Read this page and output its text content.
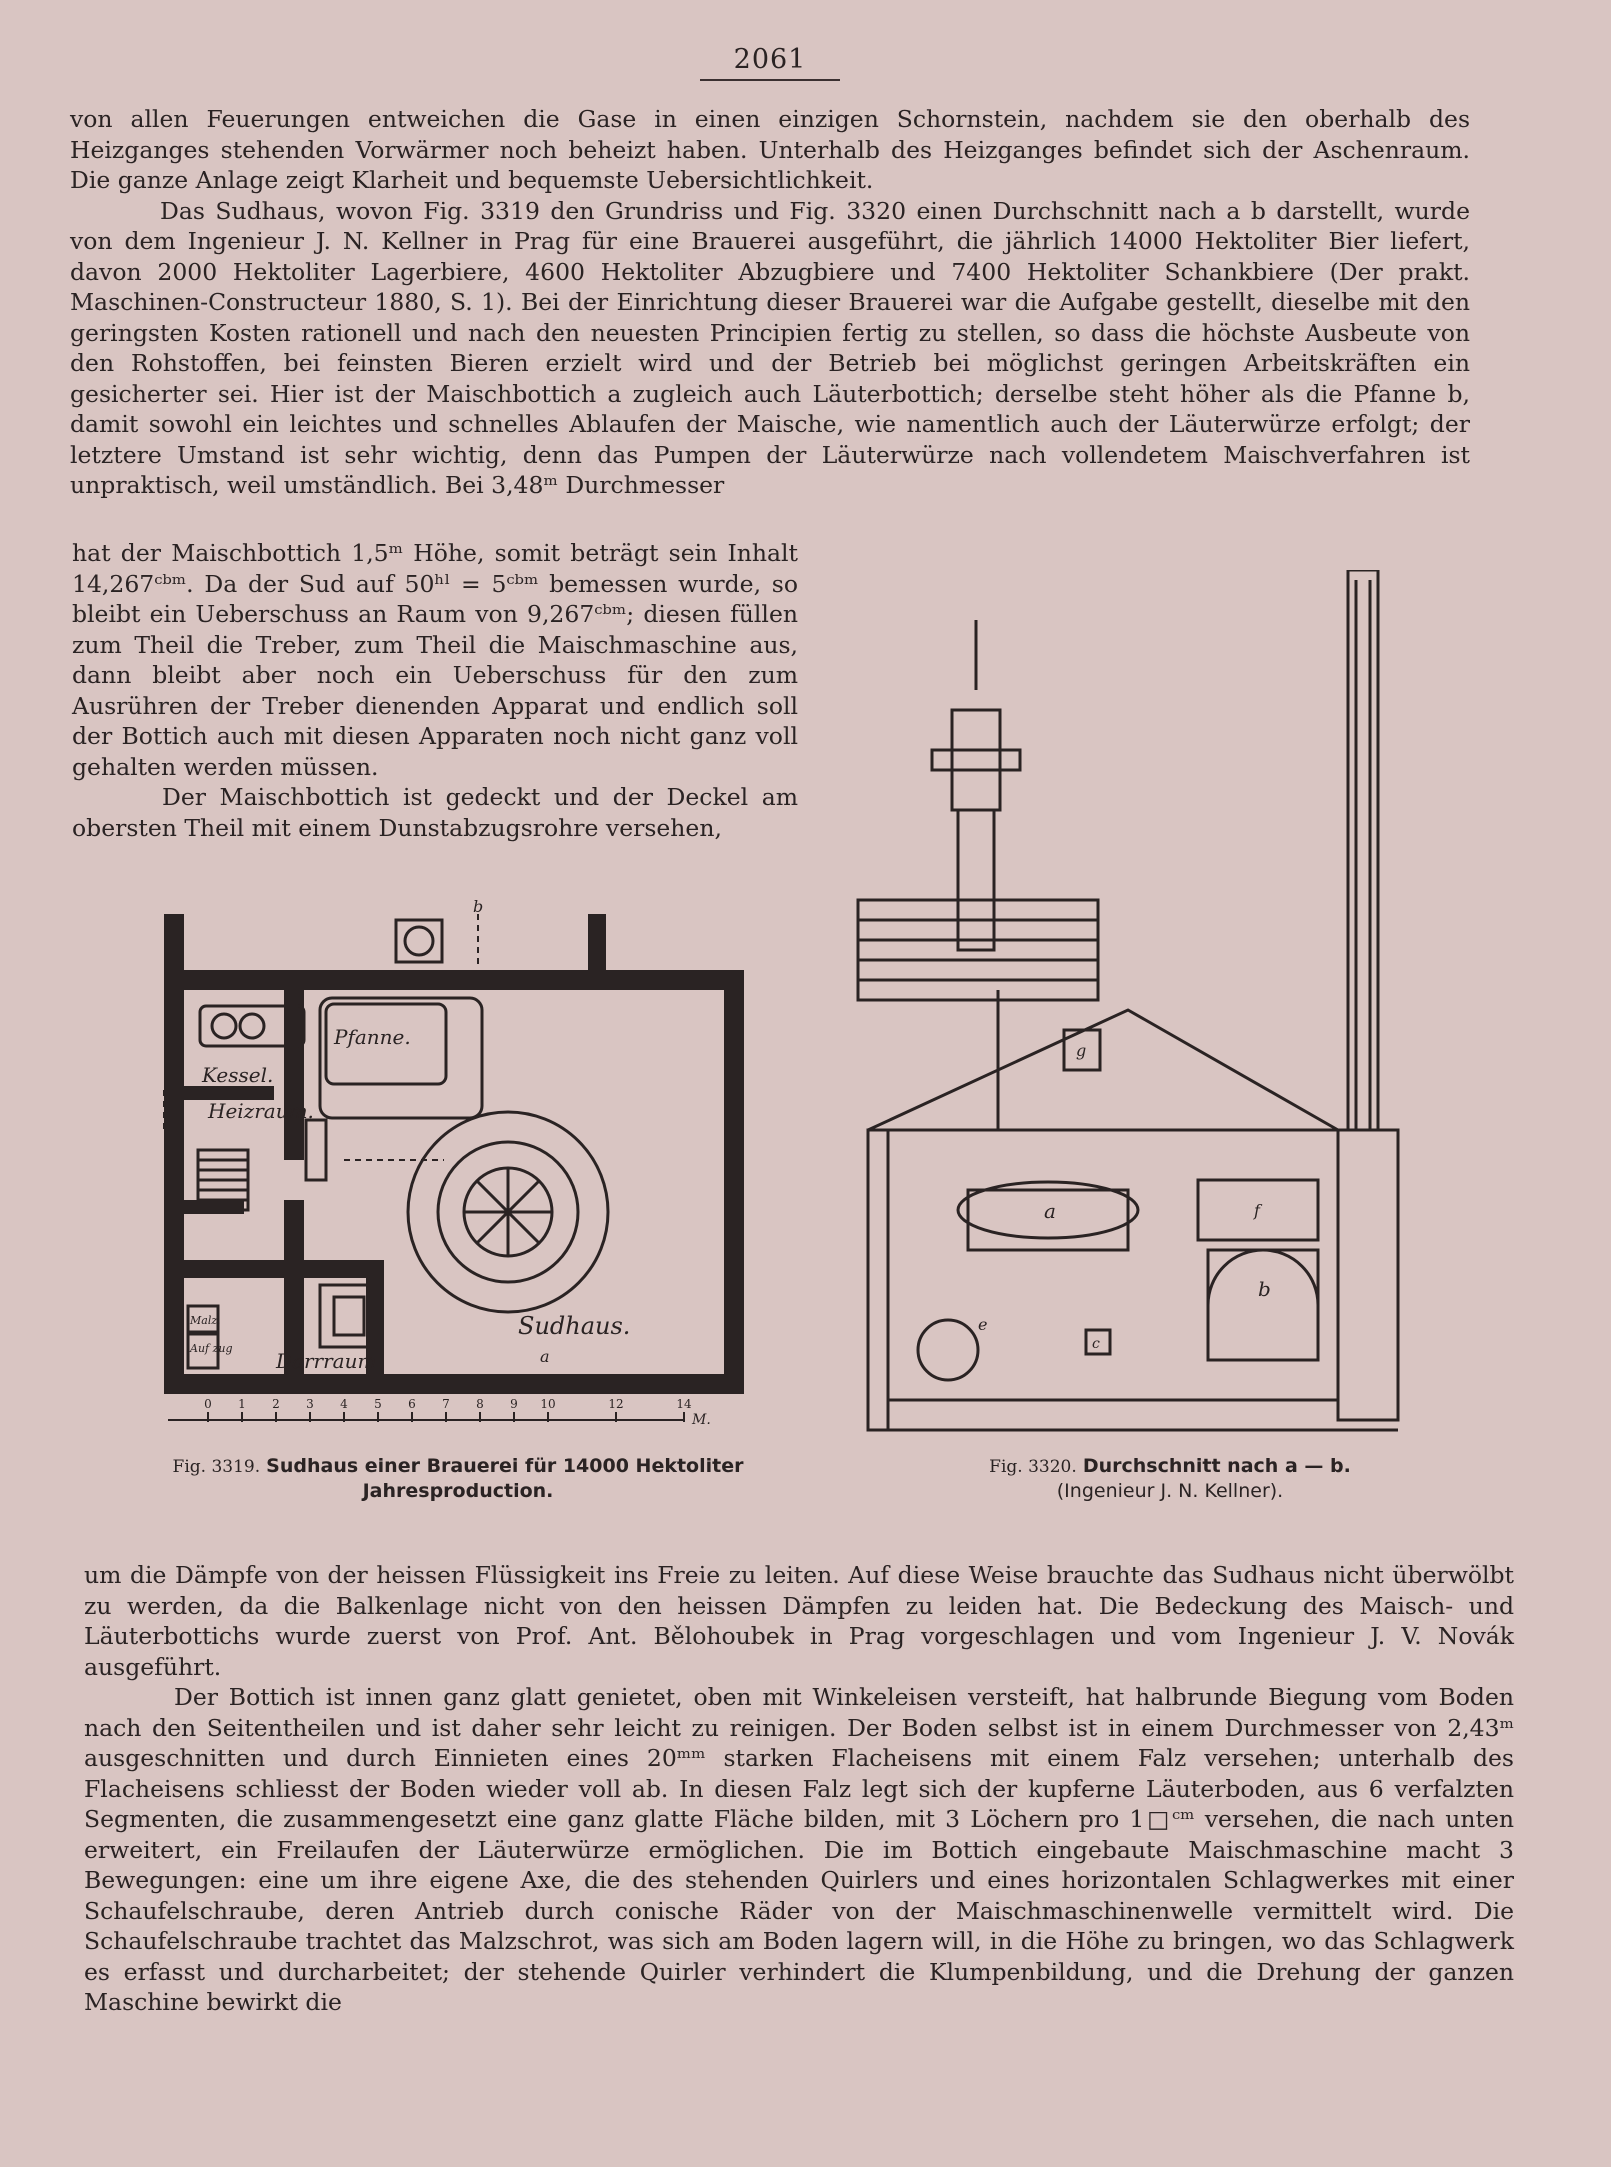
2061

von allen Feuerungen entweichen die Gase in einen einzigen Schornstein, nachdem sie den oberhalb des Heizganges stehenden Vorwärmer noch beheizt haben. Unterhalb des Heizganges befindet sich der Aschenraum. Die ganze Anlage zeigt Klarheit und bequemste Uebersichtlichkeit.

Das Sudhaus, wovon Fig. 3319 den Grundriss und Fig. 3320 einen Durchschnitt nach a b darstellt, wurde von dem Ingenieur J. N. Kellner in Prag für eine Brauerei ausgeführt, die jährlich 14000 Hektoliter Bier liefert, davon 2000 Hektoliter Lagerbiere, 4600 Hektoliter Abzugbiere und 7400 Hektoliter Schankbiere (Der prakt. Maschinen-Constructeur 1880, S. 1). Bei der Einrichtung dieser Brauerei war die Aufgabe gestellt, dieselbe mit den geringsten Kosten rationell und nach den neuesten Principien fertig zu stellen, so dass die höchste Ausbeute von den Rohstoffen, bei feinsten Bieren erzielt wird und der Betrieb bei möglichst geringen Arbeitskräften ein gesicherter sei. Hier ist der Maischbottich a zugleich auch Läuterbottich; derselbe steht höher als die Pfanne b, damit sowohl ein leichtes und schnelles Ablaufen der Maische, wie namentlich auch der Läuterwürze erfolgt; der letztere Umstand ist sehr wichtig, denn das Pumpen der Läuterwürze nach vollendetem Maischverfahren ist unpraktisch, weil umständlich. Bei 3,48ᵐ Durchmesser

hat der Maischbottich 1,5ᵐ Höhe, somit beträgt sein Inhalt 14,267ᶜᵇᵐ. Da der Sud auf 50ʰˡ = 5ᶜᵇᵐ bemessen wurde, so bleibt ein Ueberschuss an Raum von 9,267ᶜᵇᵐ; diesen füllen zum Theil die Treber, zum Theil die Maischmaschine aus, dann bleibt aber noch ein Ueberschuss für den zum Ausrühren der Treber dienenden Apparat und endlich soll der Bottich auch mit diesen Apparaten noch nicht ganz voll gehalten werden müssen.

Der Maischbottich ist gedeckt und der Deckel am obersten Theil mit einem Dunstabzugsrohre versehen,

Kessel.
Heizraum.
Pfanne.
Sudhaus.
a
b
Darrraum
Malz.
Auf zug
0 1 2 3 4 5 6 7 8 9 10	12	14
M.
a
b
c
e
f
g
Fig. 3319. Sudhaus einer Brauerei für 14000 Hektoliter Jahresproduction.
Fig. 3320. Durchschnitt nach a — b.
(Ingenieur J. N. Kellner).

um die Dämpfe von der heissen Flüssigkeit ins Freie zu leiten. Auf diese Weise brauchte das Sudhaus nicht überwölbt zu werden, da die Balkenlage nicht von den heissen Dämpfen zu leiden hat. Die Bedeckung des Maisch- und Läuterbottichs wurde zuerst von Prof. Ant. Bělohoubek in Prag vorgeschlagen und vom Ingenieur J. V. Novák ausgeführt.

Der Bottich ist innen ganz glatt genietet, oben mit Winkeleisen versteift, hat halbrunde Biegung vom Boden nach den Seitentheilen und ist daher sehr leicht zu reinigen. Der Boden selbst ist in einem Durchmesser von 2,43ᵐ ausgeschnitten und durch Einnieten eines 20ᵐᵐ starken Flacheisens mit einem Falz versehen; unterhalb des Flacheisens schliesst der Boden wieder voll ab. In diesen Falz legt sich der kupferne Läuterboden, aus 6 verfalzten Segmenten, die zusammengesetzt eine ganz glatte Fläche bilden, mit 3 Löchern pro 1□ᶜᵐ versehen, die nach unten erweitert, ein Freilaufen der Läuterwürze ermöglichen. Die im Bottich eingebaute Maischmaschine macht 3 Bewegungen: eine um ihre eigene Axe, die des stehenden Quirlers und eines horizontalen Schlagwerkes mit einer Schaufelschraube, deren Antrieb durch conische Räder von der Maischmaschinenwelle vermittelt wird. Die Schaufelschraube trachtet das Malzschrot, was sich am Boden lagern will, in die Höhe zu bringen, wo das Schlagwerk es erfasst und durcharbeitet; der stehende Quirler verhindert die Klumpenbildung, und die Drehung der ganzen Maschine bewirkt die
